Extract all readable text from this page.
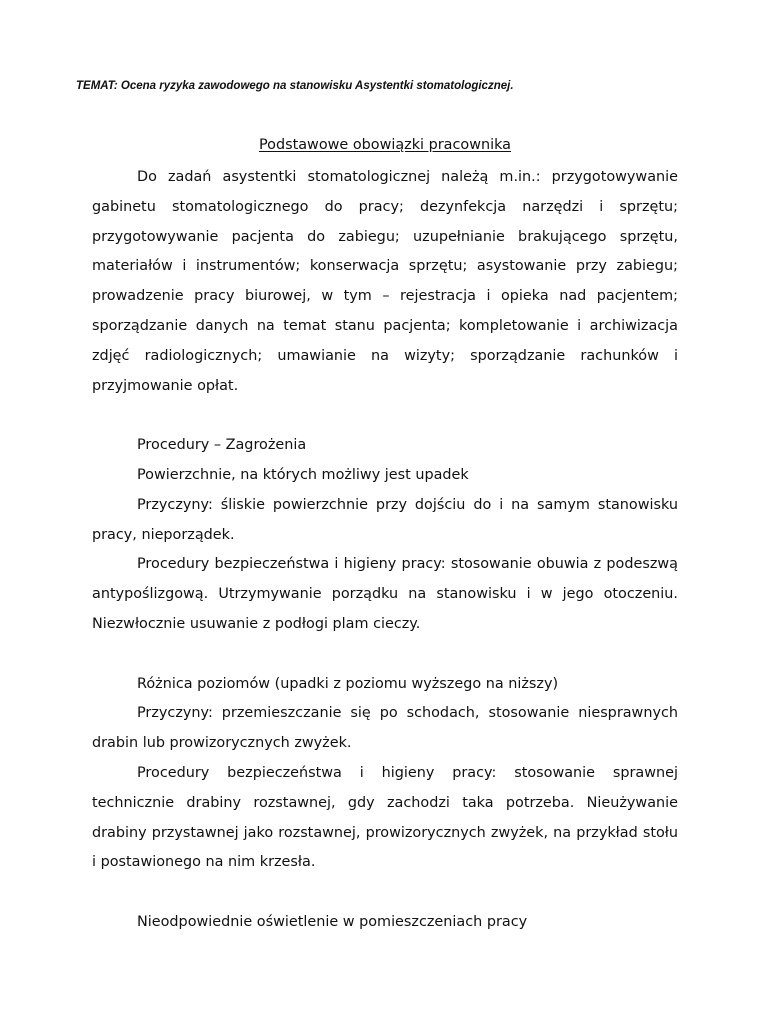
TEMAT: Ocena ryzyka zawodowego na stanowisku Asystentki stomatologicznej.
Podstawowe obowiązki pracownika

Do zadań asystentki stomatologicznej należą m.in.: przygotowywanie gabinetu stomatologicznego do pracy; dezynfekcja narzędzi i sprzętu; przygotowywanie pacjenta do zabiegu; uzupełnianie brakującego sprzętu, materiałów i instrumentów; konserwacja sprzętu; asystowanie przy zabiegu; prowadzenie pracy biurowej, w tym – rejestracja i opieka nad pacjentem; sporządzanie danych na temat stanu pacjenta; kompletowanie i archiwizacja zdjęć radiologicznych; umawianie na wizyty; sporządzanie rachunków i przyjmowanie opłat.

Procedury – Zagrożenia

Powierzchnie, na których możliwy jest upadek

Przyczyny: śliskie powierzchnie przy dojściu do i na samym stanowisku pracy, nieporządek.

Procedury bezpieczeństwa i higieny pracy: stosowanie obuwia z podeszwą antypoślizgową. Utrzymywanie porządku na stanowisku i w jego otoczeniu. Niezwłocznie usuwanie z podłogi plam cieczy.

Różnica poziomów (upadki z poziomu wyższego na niższy)

Przyczyny: przemieszczanie się po schodach, stosowanie niesprawnych drabin lub prowizorycznych zwyżek.

Procedury bezpieczeństwa i higieny pracy: stosowanie sprawnej technicznie drabiny rozstawnej, gdy zachodzi taka potrzeba. Nieużywanie drabiny przystawnej jako rozstawnej, prowizorycznych zwyżek, na przykład stołu i postawionego na nim krzesła.

Nieodpowiednie oświetlenie w pomieszczeniach pracy
